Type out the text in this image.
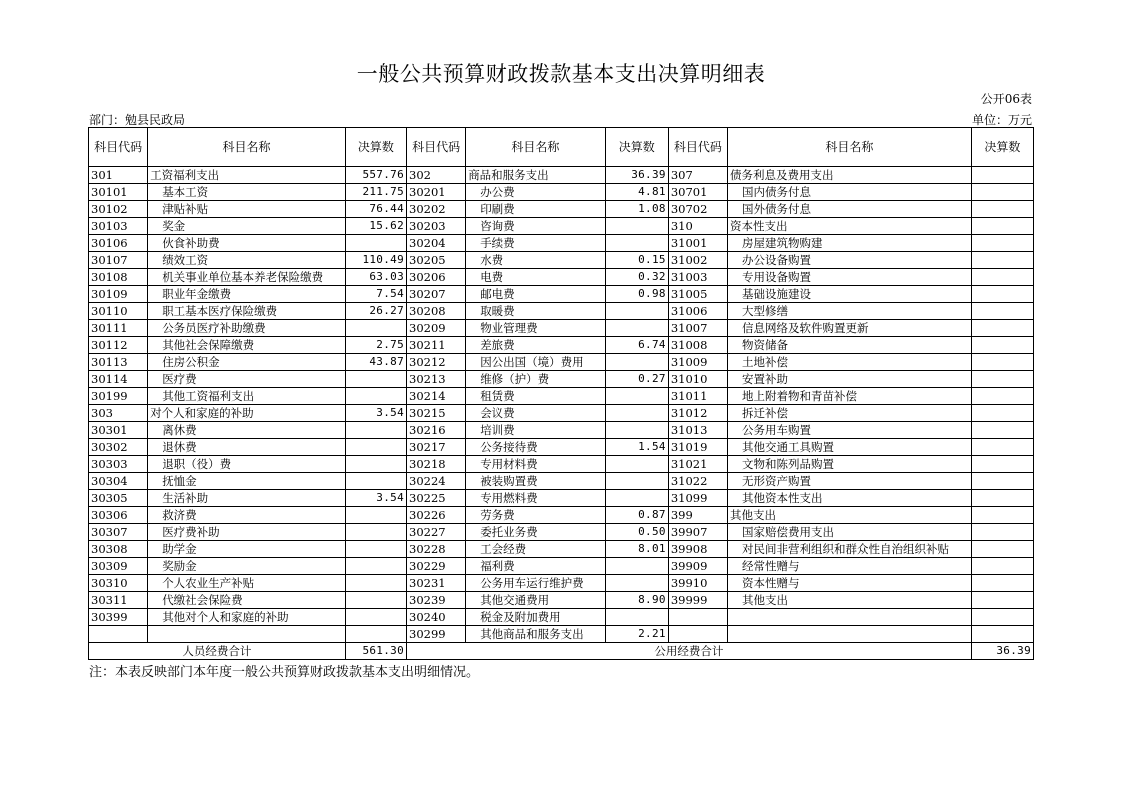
一般公共预算财政拨款基本支出决算明细表
公开06表
部门：勉县民政局	单位：万元
科目代码	科目名称	决算数	科目代码	科目名称	决算数	科目代码	科目名称	决算数
301	工资福利支出	557.76	302	商品和服务支出	36.39	307	债务利息及费用支出	
30101	基本工资	211.75	30201	办公费	4.81	30701	国内债务付息	
30102	津贴补贴	76.44	30202	印刷费	1.08	30702	国外债务付息	
30103	奖金	15.62	30203	咨询费		310	资本性支出	
30106	伙食补助费		30204	手续费		31001	房屋建筑物购建	
30107	绩效工资	110.49	30205	水费	0.15	31002	办公设备购置	
30108	机关事业单位基本养老保险缴费	63.03	30206	电费	0.32	31003	专用设备购置	
30109	职业年金缴费	7.54	30207	邮电费	0.98	31005	基础设施建设	
30110	职工基本医疗保险缴费	26.27	30208	取暖费		31006	大型修缮	
30111	公务员医疗补助缴费		30209	物业管理费		31007	信息网络及软件购置更新	
30112	其他社会保障缴费	2.75	30211	差旅费	6.74	31008	物资储备	
30113	住房公积金	43.87	30212	因公出国（境）费用		31009	土地补偿	
30114	医疗费		30213	维修（护）费	0.27	31010	安置补助	
30199	其他工资福利支出		30214	租赁费		31011	地上附着物和青苗补偿	
303	对个人和家庭的补助	3.54	30215	会议费		31012	拆迁补偿	
30301	离休费		30216	培训费		31013	公务用车购置	
30302	退休费		30217	公务接待费	1.54	31019	其他交通工具购置	
30303	退职（役）费		30218	专用材料费		31021	文物和陈列品购置	
30304	抚恤金		30224	被装购置费		31022	无形资产购置	
30305	生活补助	3.54	30225	专用燃料费		31099	其他资本性支出	
30306	救济费		30226	劳务费	0.87	399	其他支出	
30307	医疗费补助		30227	委托业务费	0.50	39907	国家赔偿费用支出	
30308	助学金		30228	工会经费	8.01	39908	对民间非营利组织和群众性自治组织补贴	
30309	奖励金		30229	福利费		39909	经常性赠与	
30310	个人农业生产补贴		30231	公务用车运行维护费		39910	资本性赠与	
30311	代缴社会保险费		30239	其他交通费用	8.90	39999	其他支出	
30399	其他对个人和家庭的补助		30240	税金及附加费用				
			30299	其他商品和服务支出	2.21			
人员经费合计		561.30	公用经费合计					36.39
注：本表反映部门本年度一般公共预算财政拨款基本支出明细情况。
